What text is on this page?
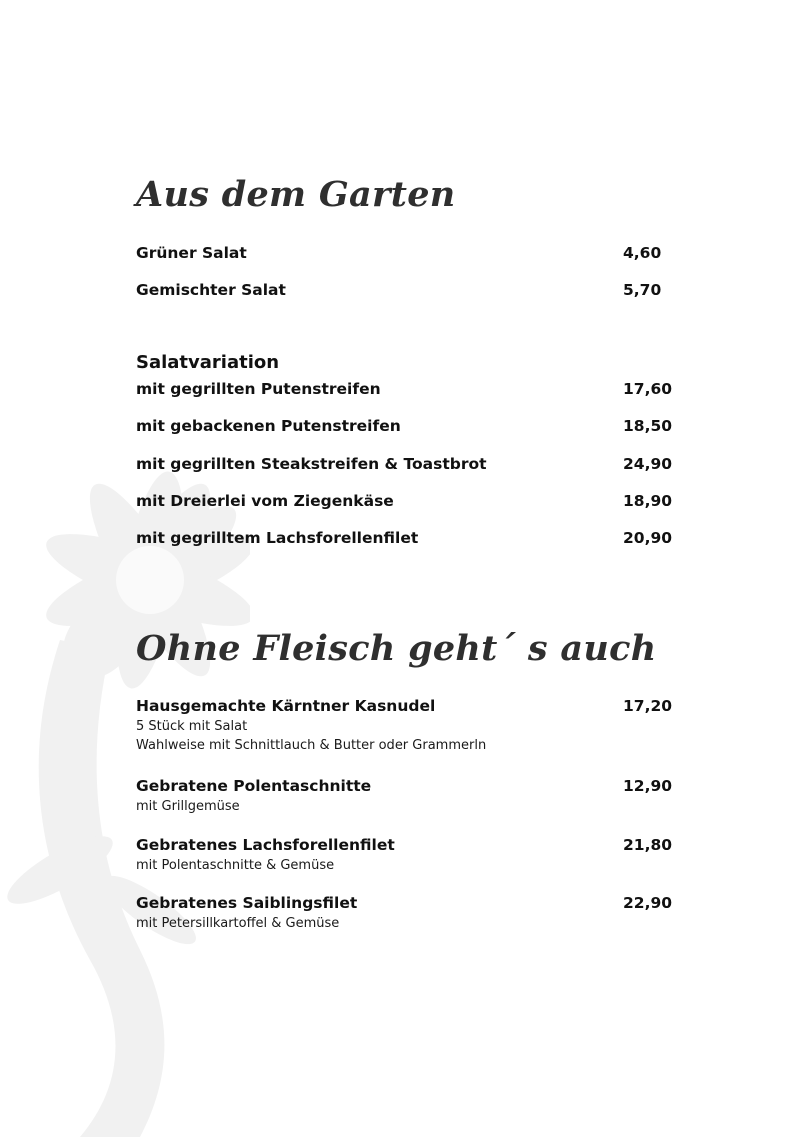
Aus dem Garten
Grüner Salat	4,60
Gemischter Salat	5,70
Salatvariation
mit gegrillten Putenstreifen	17,60
mit gebackenen Putenstreifen	18,50
mit gegrillten Steakstreifen & Toastbrot	24,90
mit Dreierlei vom Ziegenkäse	18,90
mit gegrilltem Lachsforellenfilet	20,90
Ohne Fleisch geht´ s auch
Hausgemachte Kärntner Kasnudel	17,20
5 Stück mit Salat
Wahlweise mit Schnittlauch & Butter oder Grammerln
Gebratene Polentaschnitte	12,90
mit Grillgemüse
Gebratenes Lachsforellenfilet	21,80
mit Polentaschnitte & Gemüse
Gebratenes Saiblingsfilet	22,90
mit Petersillkartoffel & Gemüse
